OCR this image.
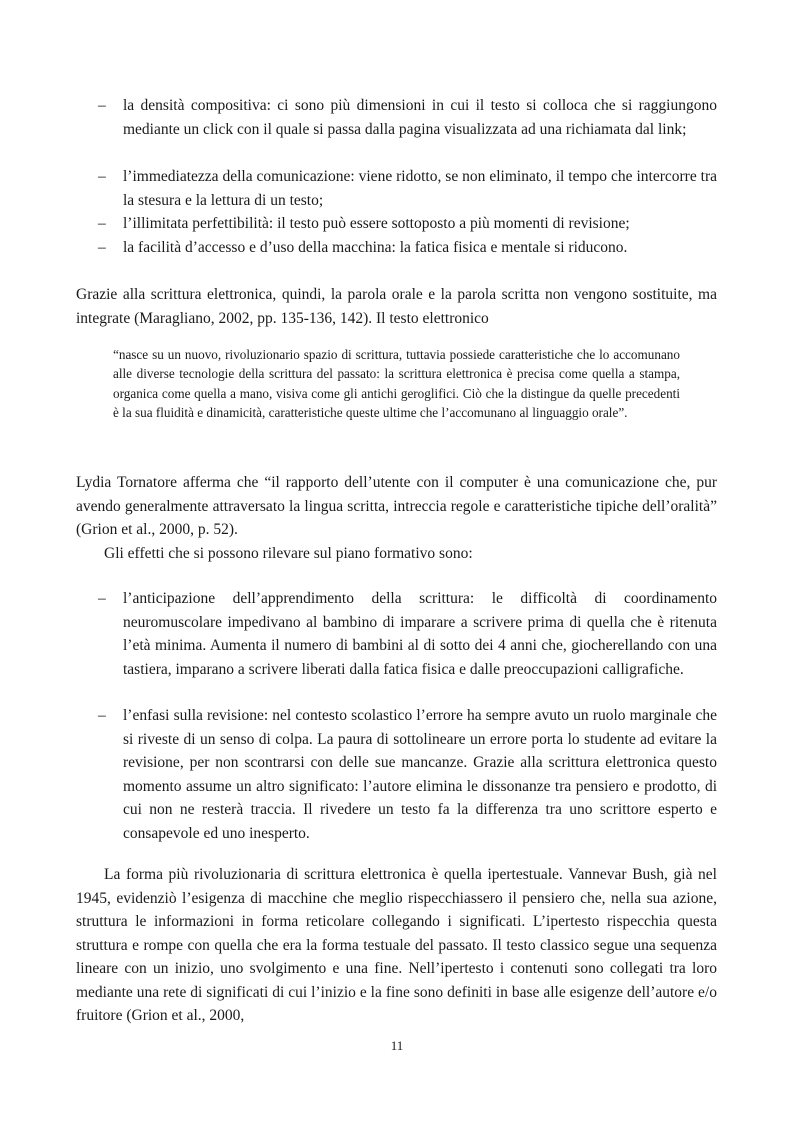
– la densità compositiva: ci sono più dimensioni in cui il testo si colloca che si raggiungono mediante un click con il quale si passa dalla pagina visualizzata ad una richiamata dal link;
– l’immediatezza della comunicazione: viene ridotto, se non eliminato, il tempo che intercorre tra la stesura e la lettura di un testo;
– l’illimitata perfettibilità: il testo può essere sottoposto a più momenti di revisione;
– la facilità d’accesso e d’uso della macchina: la fatica fisica e mentale si riducono.

Grazie alla scrittura elettronica, quindi, la parola orale e la parola scritta non vengono sostituite, ma integrate (Maragliano, 2002, pp. 135-136, 142). Il testo elettronico

“nasce su un nuovo, rivoluzionario spazio di scrittura, tuttavia possiede caratteristiche che lo accomunano alle diverse tecnologie della scrittura del passato: la scrittura elettronica è precisa come quella a stampa, organica come quella a mano, visiva come gli antichi geroglifici. Ciò che la distingue da quelle precedenti è la sua fluidità e dinamicità, caratteristiche queste ultime che l’accomunano al linguaggio orale”.

Lydia Tornatore afferma che “il rapporto dell’utente con il computer è una comunicazione che, pur avendo generalmente attraversato la lingua scritta, intreccia regole e caratteristiche tipiche dell’oralità” (Grion et al., 2000, p. 52).

Gli effetti che si possono rilevare sul piano formativo sono:

– l’anticipazione dell’apprendimento della scrittura: le difficoltà di coordinamento neuromuscolare impedivano al bambino di imparare a scrivere prima di quella che è ritenuta l’età minima. Aumenta il numero di bambini al di sotto dei 4 anni che, giocherellando con una tastiera, imparano a scrivere liberati dalla fatica fisica e dalle preoccupazioni calligrafiche.
– l’enfasi sulla revisione: nel contesto scolastico l’errore ha sempre avuto un ruolo marginale che si riveste di un senso di colpa. La paura di sottolineare un errore porta lo studente ad evitare la revisione, per non scontrarsi con delle sue mancanze. Grazie alla scrittura elettronica questo momento assume un altro significato: l’autore elimina le dissonanze tra pensiero e prodotto, di cui non ne resterà traccia. Il rivedere un testo fa la differenza tra uno scrittore esperto e consapevole ed uno inesperto.

La forma più rivoluzionaria di scrittura elettronica è quella ipertestuale. Vannevar Bush, già nel 1945, evidenziò l’esigenza di macchine che meglio rispecchiassero il pensiero che, nella sua azione, struttura le informazioni in forma reticolare collegando i significati. L’ipertesto rispecchia questa struttura e rompe con quella che era la forma testuale del passato. Il testo classico segue una sequenza lineare con un inizio, uno svolgimento e una fine. Nell’ipertesto i contenuti sono collegati tra loro mediante una rete di significati di cui l’inizio e la fine sono definiti in base alle esigenze dell’autore e/o fruitore (Grion et al., 2000,

11
